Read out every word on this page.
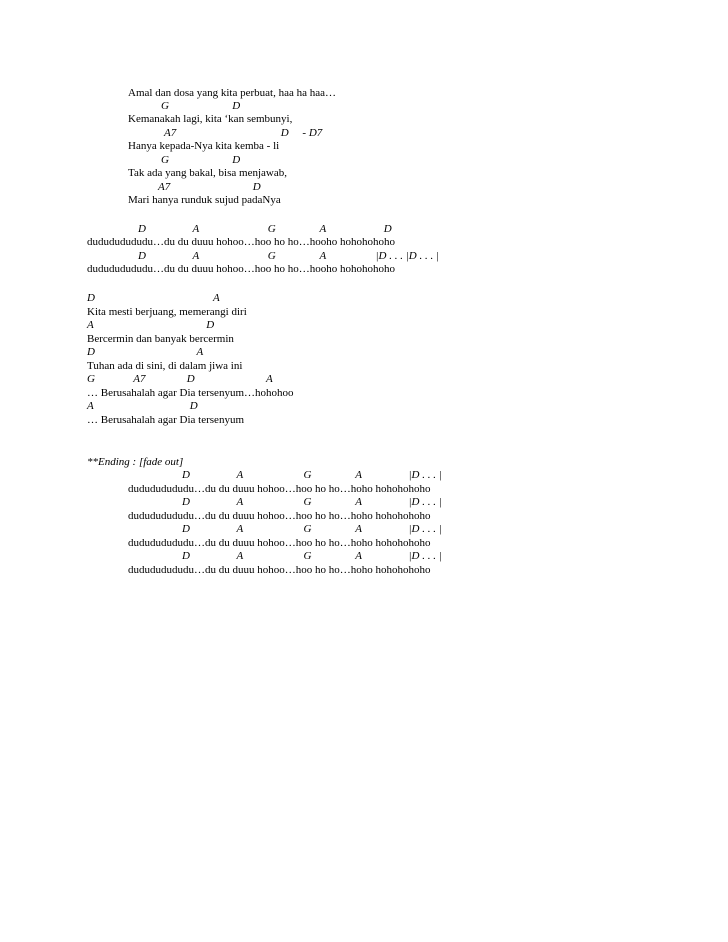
Amal dan dosa yang kita perbuat, haa ha haa…
G                       D
Kemanakah lagi, kita ‘kan sembunyi,
A7                                      D     - D7
Hanya kepada-Nya kita kemba - li
G                       D
Tak ada yang bakal, bisa menjawab,
A7                              D
Mari hanya runduk sujud padaNya
D                 A                         G                A                     D
dudududududu…du du duuu hohoo…hoo ho ho…hooho hohohohoho
D                 A                         G                A                  |D . . . |D . . . |
dudududududu…du du duuu hohoo…hoo ho ho…hooho hohohohoho
D                                           A
Kita mesti berjuang, memerangi diri
A                                         D
Bercermin dan banyak bercermin
D                                     A
Tuhan ada di sini, di dalam jiwa ini
G              A7               D                          A
… Berusahalah agar Dia tersenyum…hohohoo
A                                   D
… Berusahalah agar Dia tersenyum
**Ending : [fade out]
D                 A                      G                A                 |D . . . |
dudududududu…du du duuu hohoo…hoo ho ho…hoho hohohohoho
D                 A                      G                A                 |D . . . |
dudududududu…du du duuu hohoo…hoo ho ho…hoho hohohohoho
D                 A                      G                A                 |D . . . |
dudududududu…du du duuu hohoo…hoo ho ho…hoho hohohohoho
D                 A                      G                A                 |D . . . |
dudududududu…du du duuu hohoo…hoo ho ho…hoho hohohohoho
